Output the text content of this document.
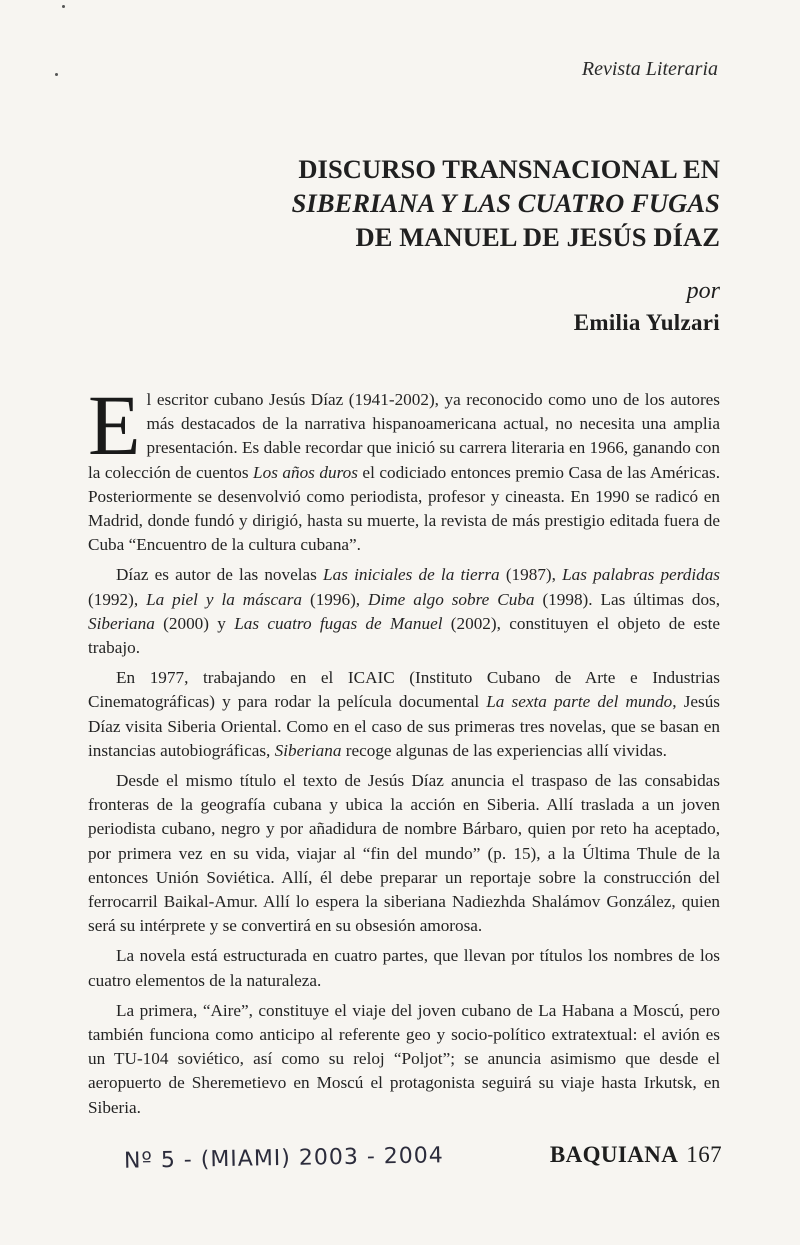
Revista Literaria
DISCURSO TRANSNACIONAL EN
SIBERIANA Y LAS CUATRO FUGAS
DE MANUEL DE JESÚS DÍAZ
por
Emilia Yulzari

El escritor cubano Jesús Díaz (1941-2002), ya reconocido como uno de los autores más destacados de la narrativa hispanoamericana actual, no necesita una amplia presentación. Es dable recordar que inició su carrera literaria en 1966, ganando con la colección de cuentos Los años duros el codiciado entonces premio Casa de las Américas. Posteriormente se desenvolvió como periodista, profesor y cineasta. En 1990 se radicó en Madrid, donde fundó y dirigió, hasta su muerte, la revista de más prestigio editada fuera de Cuba “Encuentro de la cultura cubana”.

Díaz es autor de las novelas Las iniciales de la tierra (1987), Las palabras perdidas (1992), La piel y la máscara (1996), Dime algo sobre Cuba (1998). Las últimas dos, Siberiana (2000) y Las cuatro fugas de Manuel (2002), constituyen el objeto de este trabajo.

En 1977, trabajando en el ICAIC (Instituto Cubano de Arte e Industrias Cinematográficas) y para rodar la película documental La sexta parte del mundo, Jesús Díaz visita Siberia Oriental. Como en el caso de sus primeras tres novelas, que se basan en instancias autobiográficas, Siberiana recoge algunas de las experiencias allí vividas.

Desde el mismo título el texto de Jesús Díaz anuncia el traspaso de las consabidas fronteras de la geografía cubana y ubica la acción en Siberia. Allí traslada a un joven periodista cubano, negro y por añadidura de nombre Bárbaro, quien por reto ha aceptado, por primera vez en su vida, viajar al “fin del mundo” (p. 15), a la Última Thule de la entonces Unión Soviética. Allí, él debe preparar un reportaje sobre la construcción del ferrocarril Baikal-Amur. Allí lo espera la siberiana Nadiezhda Shalámov González, quien será su intérprete y se convertirá en su obsesión amorosa.

La novela está estructurada en cuatro partes, que llevan por títulos los nombres de los cuatro elementos de la naturaleza.

La primera, “Aire”, constituye el viaje del joven cubano de La Habana a Moscú, pero también funciona como anticipo al referente geo y socio-político extratextual: el avión es un TU-104 soviético, así como su reloj “Poljot”; se anuncia asimismo que desde el aeropuerto de Sheremetievo en Moscú el protagonista seguirá su viaje hasta Irkutsk, en Siberia.

Nº 5 - (MIAMI) 2003 - 2004	BAQUIANA 167
